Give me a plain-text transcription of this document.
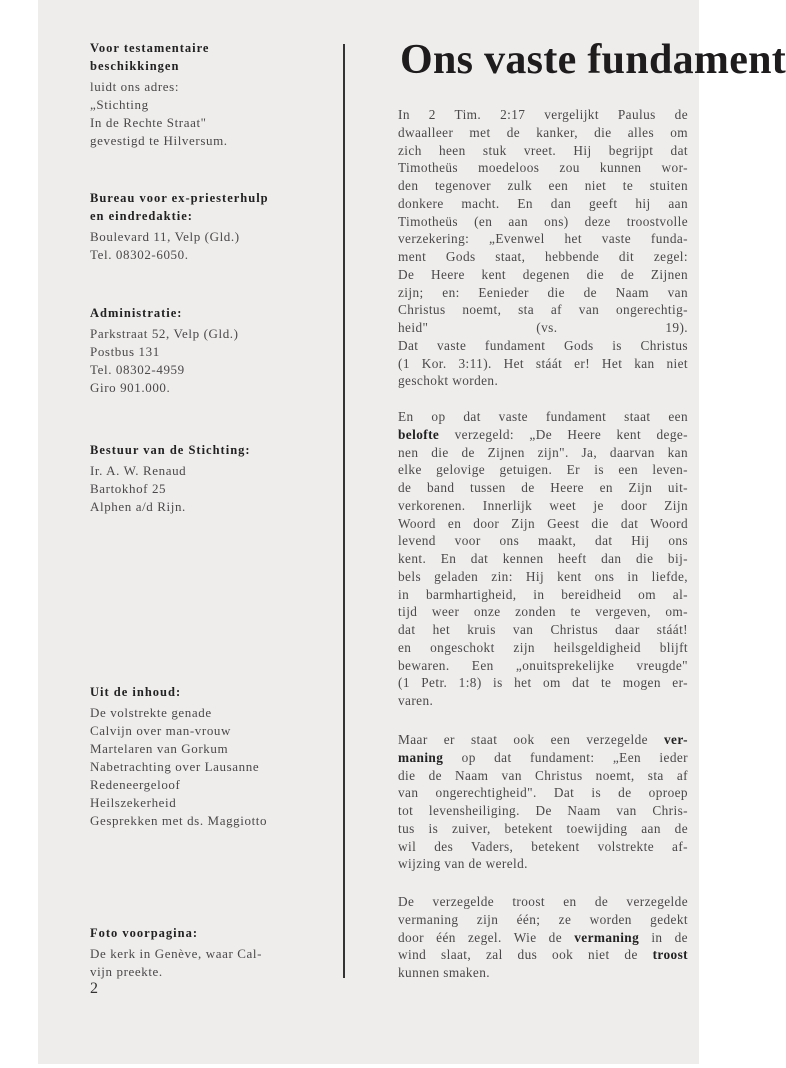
Voor testamentaire
beschikkingen
luidt ons adres:
„Stichting
In de Rechte Straat"
gevestigd te Hilversum.
Bureau voor ex-priesterhulp
en eindredaktie:
Boulevard 11, Velp (Gld.)
Tel. 08302-6050.
Administratie:
Parkstraat 52, Velp (Gld.)
Postbus 131
Tel. 08302-4959
Giro 901.000.
Bestuur van de Stichting:
Ir. A. W. Renaud
Bartokhof 25
Alphen a/d Rijn.
Uit de inhoud:
De volstrekte genade
Calvijn over man-vrouw
Martelaren van Gorkum
Nabetrachting over Lausanne
Redeneergeloof
Heilszekerheid
Gesprekken met ds. Maggiotto
Foto voorpagina:
De kerk in Genève, waar Cal-
vijn preekte.
2
Ons vaste fundament
In 2 Tim. 2:17 vergelijkt Paulus de
dwaalleer met de kanker, die alles om
zich heen stuk vreet. Hij begrijpt dat
Timotheüs moedeloos zou kunnen wor-
den tegenover zulk een niet te stuiten
donkere macht. En dan geeft hij aan
Timotheüs (en aan ons) deze troostvolle
verzekering: „Evenwel het vaste funda-
ment Gods staat, hebbende dit zegel:
De Heere kent degenen die de Zijnen
zijn; en: Eenieder die de Naam van
Christus noemt, sta af van ongerechtig-
heid" (vs. 19).
Dat vaste fundament Gods is Christus
(1 Kor. 3:11). Het stáát er! Het kan niet
geschokt worden.
En op dat vaste fundament staat een
belofte verzegeld: „De Heere kent dege-
nen die de Zijnen zijn". Ja, daarvan kan
elke gelovige getuigen. Er is een leven-
de band tussen de Heere en Zijn uit-
verkorenen. Innerlijk weet je door Zijn
Woord en door Zijn Geest die dat Woord
levend voor ons maakt, dat Hij ons
kent. En dat kennen heeft dan die bij-
bels geladen zin: Hij kent ons in liefde,
in barmhartigheid, in bereidheid om al-
tijd weer onze zonden te vergeven, om-
dat het kruis van Christus daar stáát!
en ongeschokt zijn heilsgeldigheid blijft
bewaren. Een „onuitsprekelijke vreugde"
(1 Petr. 1:8) is het om dat te mogen er-
varen.
Maar er staat ook een verzegelde ver-
maning op dat fundament: „Een ieder
die de Naam van Christus noemt, sta af
van ongerechtigheid". Dat is de oproep
tot levensheiliging. De Naam van Chris-
tus is zuiver, betekent toewijding aan de
wil des Vaders, betekent volstrekte af-
wijzing van de wereld.
De verzegelde troost en de verzegelde
vermaning zijn één; ze worden gedekt
door één zegel. Wie de vermaning in de
wind slaat, zal dus ook niet de troost
kunnen smaken.
